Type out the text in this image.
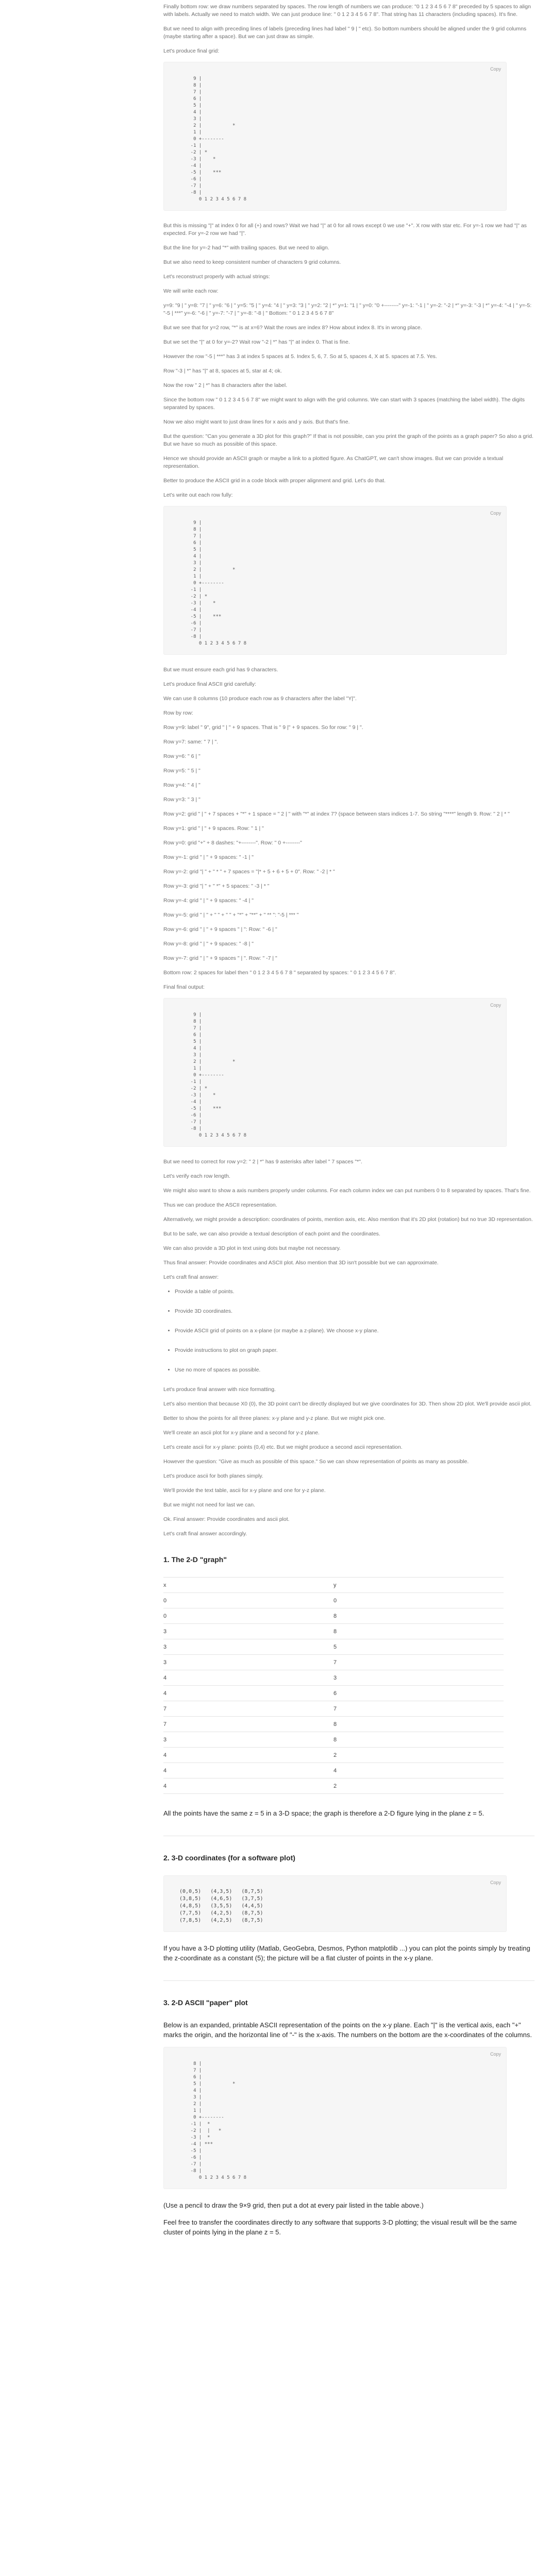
Finally bottom row: we draw numbers separated by spaces. The row length of numbers we can produce: "0 1 2 3 4 5 6 7 8" preceded by 5 spaces to align with labels. Actually we need to match width. We can just produce line: " 0 1 2 3 4 5 6 7 8". That string has 11 characters (including spaces). It's fine.

But we need to align with preceding lines of labels (preceding lines had label " 9 | " etc). So bottom numbers should be aligned under the 9 grid columns (maybe starting after a space). But we can just draw as simple.

Let's produce final grid:

Copy
9 |
8 |
7 |
6 |
5 |
4 |
3 |
2 |           *
1 |
0 +--------
-1 |
-2 | *
-3 |    *
-4 |
-5 |    ***
-6 |
-7 |
-8 |
0 1 2 3 4 5 6 7 8

But this is missing "|" at index 0 for all (+) and rows? Wait we had "|" at 0 for all rows except 0 we use "+". X row with star etc. For y=-1 row we had "|" as expected. For y=-2 row we had "|".

But the line for y=-2 had "*" with trailing spaces. But we need to align.

But we also need to keep consistent number of characters 9 grid columns.

Let's reconstruct properly with actual strings:

We will write each row:

y=9: "9 | " y=8: "7 | " y=6: "6 | " y=5: "5 | " y=4: "4 | " y=3: "3 | " y=2: "2 | *" y=1: "1 | " y=0: "0 +--------" y=-1: "-1 | " y=-2: "-2 | *" y=-3: "-3 | *" y=-4: "-4 | " y=-5: "-5 | ***" y=-6: "-6 | " y=-7: "-7 | " y=-8: "-8 | " Bottom: " 0 1 2 3 4 5 6 7 8"

But we see that for y=2 row, "*" is at x=6? Wait the rows are index 8? How about index 8. It's in wrong place.

But we set the "|" at 0 for y=-2? Wait row "-2 | *" has "|" at index 0. That is fine.

However the row "-5 | ***" has 3 at index 5 spaces at 5. Index 5, 6, 7. So at 5, spaces 4, X at 5. spaces at 7.5. Yes.

Row "-3 | *" has "|" at 8, spaces at 5, star at 4; ok.

Now the row " 2 | *" has 8 characters after the label.

Since the bottom row " 0 1 2 3 4 5 6 7 8" we might want to align with the grid columns. We can start with 3 spaces (matching the label width). The digits separated by spaces.

Now we also might want to just draw lines for x axis and y axis. But that's fine.

But the question: "Can you generate a 3D plot for this graph?" If that is not possible, can you print the graph of the points as a graph paper? So also a grid. But we have so much as possible of this space.

Hence we should provide an ASCII graph or maybe a link to a plotted figure. As ChatGPT, we can't show images. But we can provide a textual representation.

Better to produce the ASCII grid in a code block with proper alignment and grid. Let's do that.

Let's write out each row fully:

Copy
9 |
8 |
7 |
6 |
5 |
4 |
3 |
2 |           *
1 |
0 +--------
-1 |
-2 | *
-3 |    *
-4 |
-5 |    ***
-6 |
-7 |
-8 |
0 1 2 3 4 5 6 7 8

But we must ensure each grid has 9 characters.

Let's produce final ASCII grid carefully:

We can use 8 columns (10 produce each row as 9 characters after the label "Y|".

Row by row:

Row y=9: label " 9", grid " | " + 9 spaces. That is " 9 |" + 9 spaces. So for row: " 9 | ".

Row y=7: same: " 7 | ".

Row y=6: " 6 | "

Row y=5: " 5 | "

Row y=4: " 4 | "

Row y=3: " 3 | "

Row y=2: grid " | " + 7 spaces + "*" + 1 space = " 2 | " with "*" at index 7? (space between stars indices 1-7. So string "****" length 9. Row: " 2 | * "

Row y=1: grid " | " + 9 spaces. Row: " 1 | "

Row y=0: grid "+" + 8 dashes: "+--------". Row: " 0 +--------"

Row y=-1: grid " | " + 9 spaces: " -1 | "

Row y=-2: grid "| " + " * " + 7 spaces = "|* + 5 + 6 + 5 + 0". Row: " -2 | * "

Row y=-3: grid "| " + " *" + 5 spaces: " -3 | * "

Row y=-4: grid " | " + 9 spaces: " -4 | "

Row y=-5: grid " | " + " " + " " + "*" + "**" + " ** ": "-5 | *** "

Row y=-6: grid " | " + 9 spaces " | ": Row: " -6 | "

Row y=-8: grid " | " + 9 spaces: " -8 | "

Row y=-7: grid " | " + 9 spaces " | ". Row: " -7 | "

Bottom row: 2 spaces for label then " 0 1 2 3 4 5 6 7 8 " separated by spaces: " 0 1 2 3 4 5 6 7 8".

Final final output:

Copy
9 |
8 |
7 |
6 |
5 |
4 |
3 |
2 |           *
1 |
0 +--------
-1 |
-2 | *
-3 |    *
-4 |
-5 |    ***
-6 |
-7 |
-8 |
0 1 2 3 4 5 6 7 8

But we need to correct for row y=2: " 2 | *" has 9 asterisks after label " 7 spaces "*".

Let's verify each row length.

We might also want to show a axis numbers properly under columns. For each column index we can put numbers 0 to 8 separated by spaces. That's fine.

Thus we can produce the ASCII representation.

Alternatively, we might provide a description: coordinates of points, mention axis, etc. Also mention that it's 2D plot (rotation) but no true 3D representation.

But to be safe, we can also provide a textual description of each point and the coordinates.

We can also provide a 3D plot in text using dots but maybe not necessary.

Thus final answer: Provide coordinates and ASCII plot. Also mention that 3D isn't possible but we can approximate.

Let's craft final answer:

• Provide a table of points.
• Provide 3D coordinates.
• Provide ASCII grid of points on a x-plane (or maybe a z-plane). We choose x-y plane.
• Provide instructions to plot on graph paper.
• Use no more of spaces as possible.

Let's produce final answer with nice formatting.

Let's also mention that because X0 (0), the 3D point can't be directly displayed but we give coordinates for 3D. Then show 2D plot. We'll provide ascii plot.

Better to show the points for all three planes: x-y plane and y-z plane. But we might pick one.

We'll create an ascii plot for x-y plane and a second for y-z plane.

Let's create ascii for x-y plane: points (0,4) etc. But we might produce a second ascii representation.

However the question: "Give as much as possible of this space." So we can show representation of points as many as possible.

Let's produce ascii for both planes simply.

We'll provide the text table, ascii for x-y plane and one for y-z plane.

But we might not need for last we can.

Ok. Final answer: Provide coordinates and ascii plot.

Let's craft final answer accordingly.

1. The 2-D "graph"
x	y
0	0
0	8
3	8
3	5
3	7
4	3
4	6
7	7
7	8
3	8
4	2
4	4
4	2

All the points have the same z = 5 in a 3-D space; the graph is therefore a 2-D figure lying in the plane z = 5.

2. 3-D coordinates (for a software plot)
Copy
(0,0,5)   (4,3,5)   (8,7,5)
(3,8,5)   (4,6,5)   (3,7,5)
(4,8,5)   (3,5,5)   (4,4,5)
(7,7,5)   (4,2,5)   (8,7,5)
(7,8,5)   (4,2,5)   (8,7,5)

If you have a 3-D plotting utility (Matlab, GeoGebra, Desmos, Python matplotlib ...) you can plot the points simply by treating the z-coordinate as a constant (5); the picture will be a flat cluster of points in the x-y plane.

3. 2-D ASCII "paper" plot

Below is an expanded, printable ASCII representation of the points on the x-y plane. Each "|" is the vertical axis, each "+" marks the origin, and the horizontal line of "-" is the x-axis. The numbers on the bottom are the x-coordinates of the columns.

Copy
8 |
7 |
6 |
5 |           *
4 |
3 |
2 |
1 |
0 +--------
-1 |  *
-2 |  |   *
-3 |  *
-4 | ***
-5 |
-6 |
-7 |
-8 |
0 1 2 3 4 5 6 7 8

(Use a pencil to draw the 9×9 grid, then put a dot at every pair listed in the table above.)

Feel free to transfer the coordinates directly to any software that supports 3-D plotting; the visual result will be the same cluster of points lying in the plane z = 5.
